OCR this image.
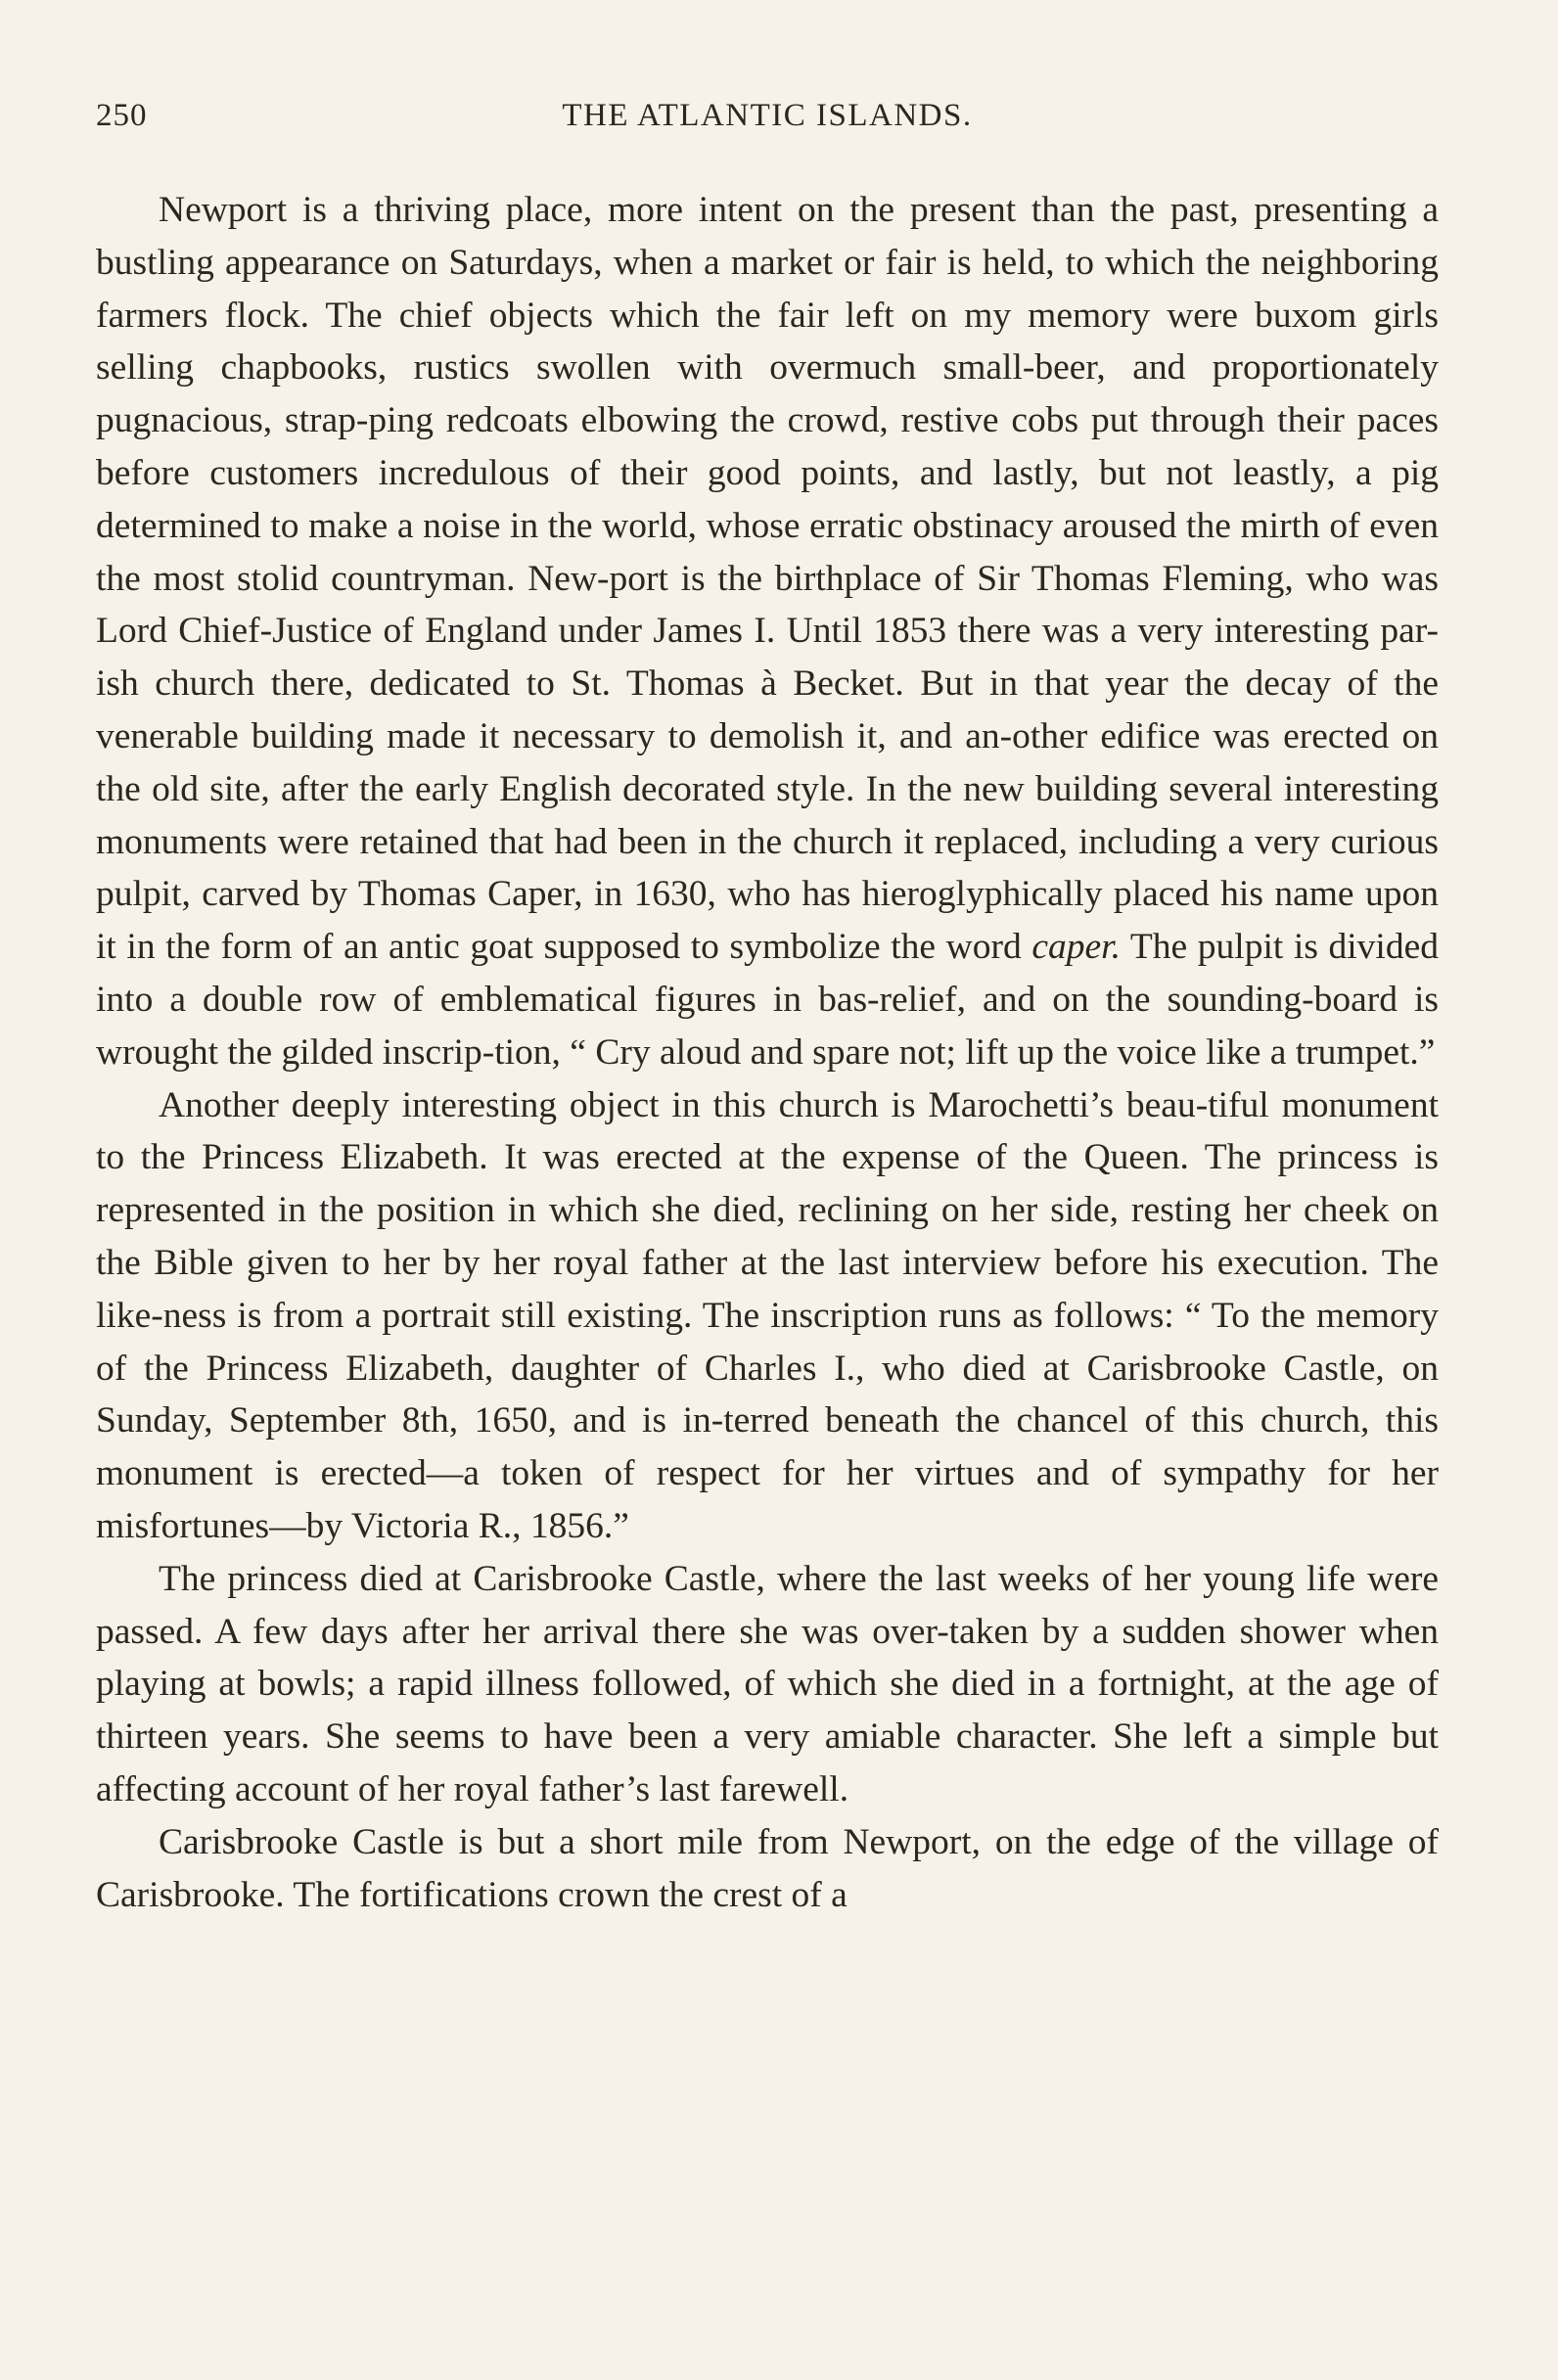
250	THE ATLANTIC ISLANDS.

Newport is a thriving place, more intent on the present than the past, presenting a bustling appearance on Saturdays, when a market or fair is held, to which the neighboring farmers flock. The chief objects which the fair left on my memory were buxom girls selling chapbooks, rustics swollen with overmuch small-beer, and proportionately pugnacious, strap-ping redcoats elbowing the crowd, restive cobs put through their paces before customers incredulous of their good points, and lastly, but not leastly, a pig determined to make a noise in the world, whose erratic obstinacy aroused the mirth of even the most stolid countryman. New-port is the birthplace of Sir Thomas Fleming, who was Lord Chief-Justice of England under James I. Until 1853 there was a very interesting par-ish church there, dedicated to St. Thomas à Becket. But in that year the decay of the venerable building made it necessary to demolish it, and an-other edifice was erected on the old site, after the early English decorated style. In the new building several interesting monuments were retained that had been in the church it replaced, including a very curious pulpit, carved by Thomas Caper, in 1630, who has hieroglyphically placed his name upon it in the form of an antic goat supposed to symbolize the word caper. The pulpit is divided into a double row of emblematical figures in bas-relief, and on the sounding-board is wrought the gilded inscrip-tion, “ Cry aloud and spare not; lift up the voice like a trumpet.”

Another deeply interesting object in this church is Marochetti’s beau-tiful monument to the Princess Elizabeth. It was erected at the expense of the Queen. The princess is represented in the position in which she died, reclining on her side, resting her cheek on the Bible given to her by her royal father at the last interview before his execution. The like-ness is from a portrait still existing. The inscription runs as follows: “ To the memory of the Princess Elizabeth, daughter of Charles I., who died at Carisbrooke Castle, on Sunday, September 8th, 1650, and is in-terred beneath the chancel of this church, this monument is erected—a token of respect for her virtues and of sympathy for her misfortunes—by Victoria R., 1856.”

The princess died at Carisbrooke Castle, where the last weeks of her young life were passed. A few days after her arrival there she was over-taken by a sudden shower when playing at bowls; a rapid illness followed, of which she died in a fortnight, at the age of thirteen years. She seems to have been a very amiable character. She left a simple but affecting account of her royal father’s last farewell.

Carisbrooke Castle is but a short mile from Newport, on the edge of the village of Carisbrooke. The fortifications crown the crest of a
